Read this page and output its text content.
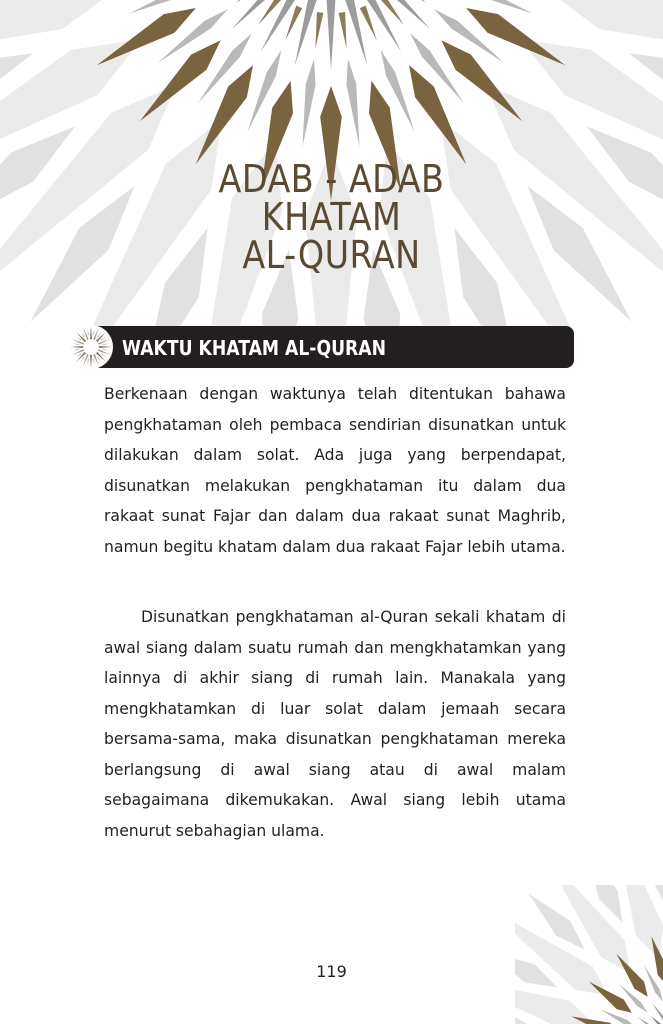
ADAB - ADAB
KHATAM
AL-QURAN
WAKTU KHATAM AL-QURAN

Berkenaan dengan waktunya telah ditentukan bahawa pengkhataman oleh pembaca sendirian disunatkan untuk dilakukan dalam solat. Ada juga yang berpendapat, disunatkan melakukan pengkhataman itu dalam dua rakaat sunat Fajar dan dalam dua rakaat sunat Maghrib, namun begitu khatam dalam dua rakaat Fajar lebih utama.

Disunatkan pengkhataman al-Quran sekali khatam di awal siang dalam suatu rumah dan mengkhatamkan yang lainnya di akhir siang di rumah lain. Manakala yang mengkhatamkan di luar solat dalam jemaah secara bersama-sama, maka disunatkan pengkhataman mereka berlangsung di awal siang atau di awal malam sebagaimana dikemukakan. Awal siang lebih utama menurut sebahagian ulama.

119
